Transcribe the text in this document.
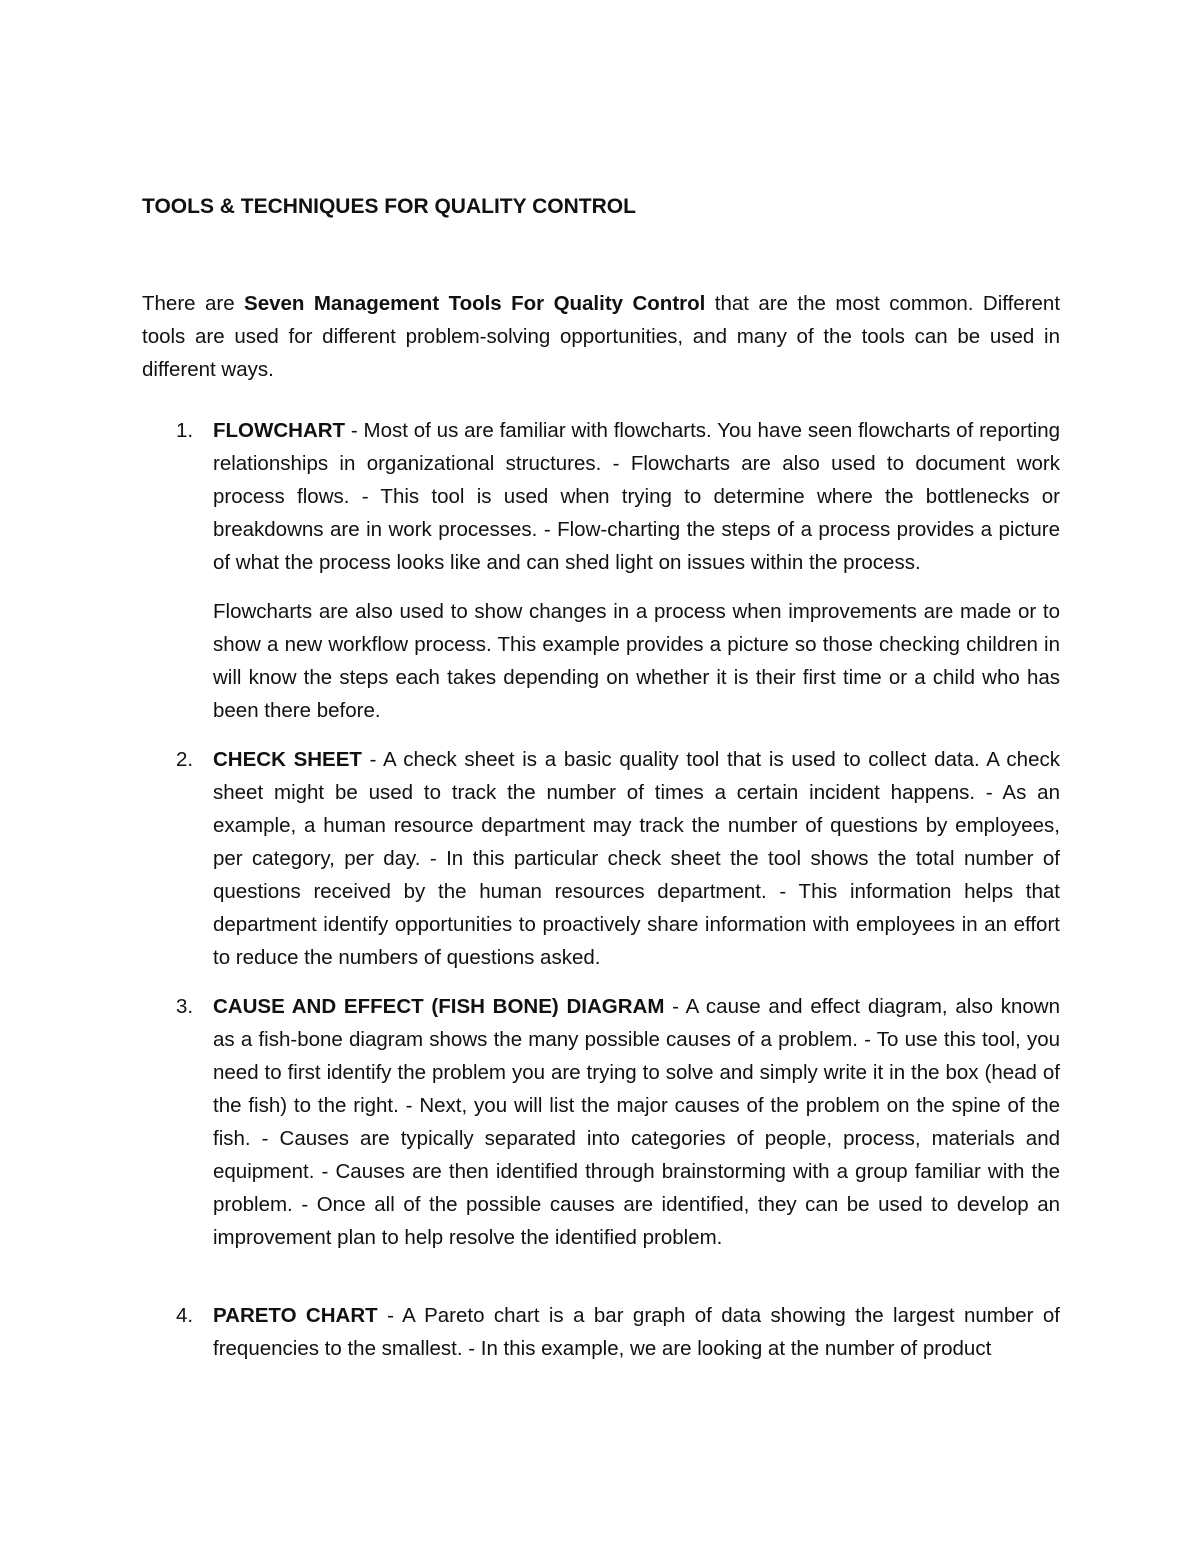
TOOLS & TECHNIQUES FOR QUALITY CONTROL

There are Seven Management Tools For Quality Control that are the most common. Different tools are used for different problem-solving opportunities, and many of the tools can be used in different ways.

1. FLOWCHART - Most of us are familiar with flowcharts. You have seen flowcharts of reporting relationships in organizational structures. - Flowcharts are also used to document work process flows. - This tool is used when trying to determine where the bottlenecks or breakdowns are in work processes. - Flow-charting the steps of a process provides a picture of what the process looks like and can shed light on issues within the process.

Flowcharts are also used to show changes in a process when improvements are made or to show a new workflow process. This example provides a picture so those checking children in will know the steps each takes depending on whether it is their first time or a child who has been there before.

2. CHECK SHEET - A check sheet is a basic quality tool that is used to collect data. A check sheet might be used to track the number of times a certain incident happens. - As an example, a human resource department may track the number of questions by employees, per category, per day. - In this particular check sheet the tool shows the total number of questions received by the human resources department. - This information helps that department identify opportunities to proactively share information with employees in an effort to reduce the numbers of questions asked.

3. CAUSE AND EFFECT (FISH BONE) DIAGRAM - A cause and effect diagram, also known as a fish-bone diagram shows the many possible causes of a problem. - To use this tool, you need to first identify the problem you are trying to solve and simply write it in the box (head of the fish) to the right. - Next, you will list the major causes of the problem on the spine of the fish. - Causes are typically separated into categories of people, process, materials and equipment. - Causes are then identified through brainstorming with a group familiar with the problem. - Once all of the possible causes are identified, they can be used to develop an improvement plan to help resolve the identified problem.

4. PARETO CHART - A Pareto chart is a bar graph of data showing the largest number of frequencies to the smallest. - In this example, we are looking at the number of product
